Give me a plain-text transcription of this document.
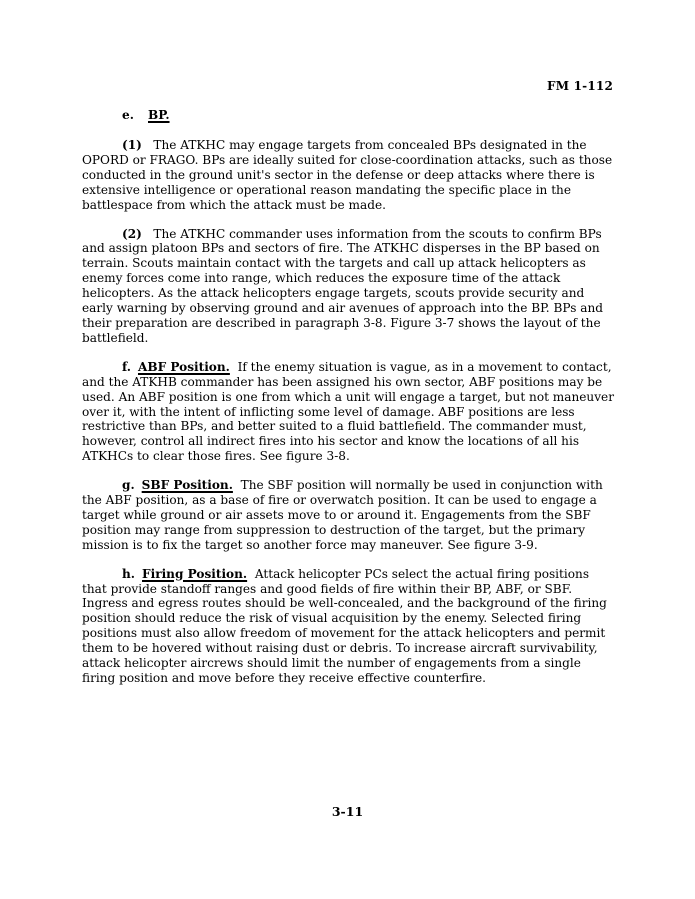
FM 1-112
e. BP.

(1) The ATKHC may engage targets from concealed BPs designated in the OPORD or FRAGO. BPs are ideally suited for close-coordination attacks, such as those conducted in the ground unit's sector in the defense or deep attacks where there is extensive intelligence or operational reason mandating the specific place in the battlespace from which the attack must be made.

(2) The ATKHC commander uses information from the scouts to confirm BPs and assign platoon BPs and sectors of fire. The ATKHC disperses in the BP based on terrain. Scouts maintain contact with the targets and call up attack helicopters as enemy forces come into range, which reduces the exposure time of the attack helicopters. As the attack helicopters engage targets, scouts provide security and early warning by observing ground and air avenues of approach into the BP. BPs and their preparation are described in paragraph 3-8. Figure 3-7 shows the layout of the battlefield.

f. ABF Position. If the enemy situation is vague, as in a movement to contact, and the ATKHB commander has been assigned his own sector, ABF positions may be used. An ABF position is one from which a unit will engage a target, but not maneuver over it, with the intent of inflicting some level of damage. ABF positions are less restrictive than BPs, and better suited to a fluid battlefield. The commander must, however, control all indirect fires into his sector and know the locations of all his ATKHCs to clear those fires. See figure 3-8.

g. SBF Position. The SBF position will normally be used in conjunction with the ABF position, as a base of fire or overwatch position. It can be used to engage a target while ground or air assets move to or around it. Engagements from the SBF position may range from suppression to destruction of the target, but the primary mission is to fix the target so another force may maneuver. See figure 3-9.

h. Firing Position. Attack helicopter PCs select the actual firing positions that provide standoff ranges and good fields of fire within their BP, ABF, or SBF. Ingress and egress routes should be well-concealed, and the background of the firing position should reduce the risk of visual acquisition by the enemy. Selected firing positions must also allow freedom of movement for the attack helicopters and permit them to be hovered without raising dust or debris. To increase aircraft survivability, attack helicopter aircrews should limit the number of engagements from a single firing position and move before they receive effective counterfire.

3-11
